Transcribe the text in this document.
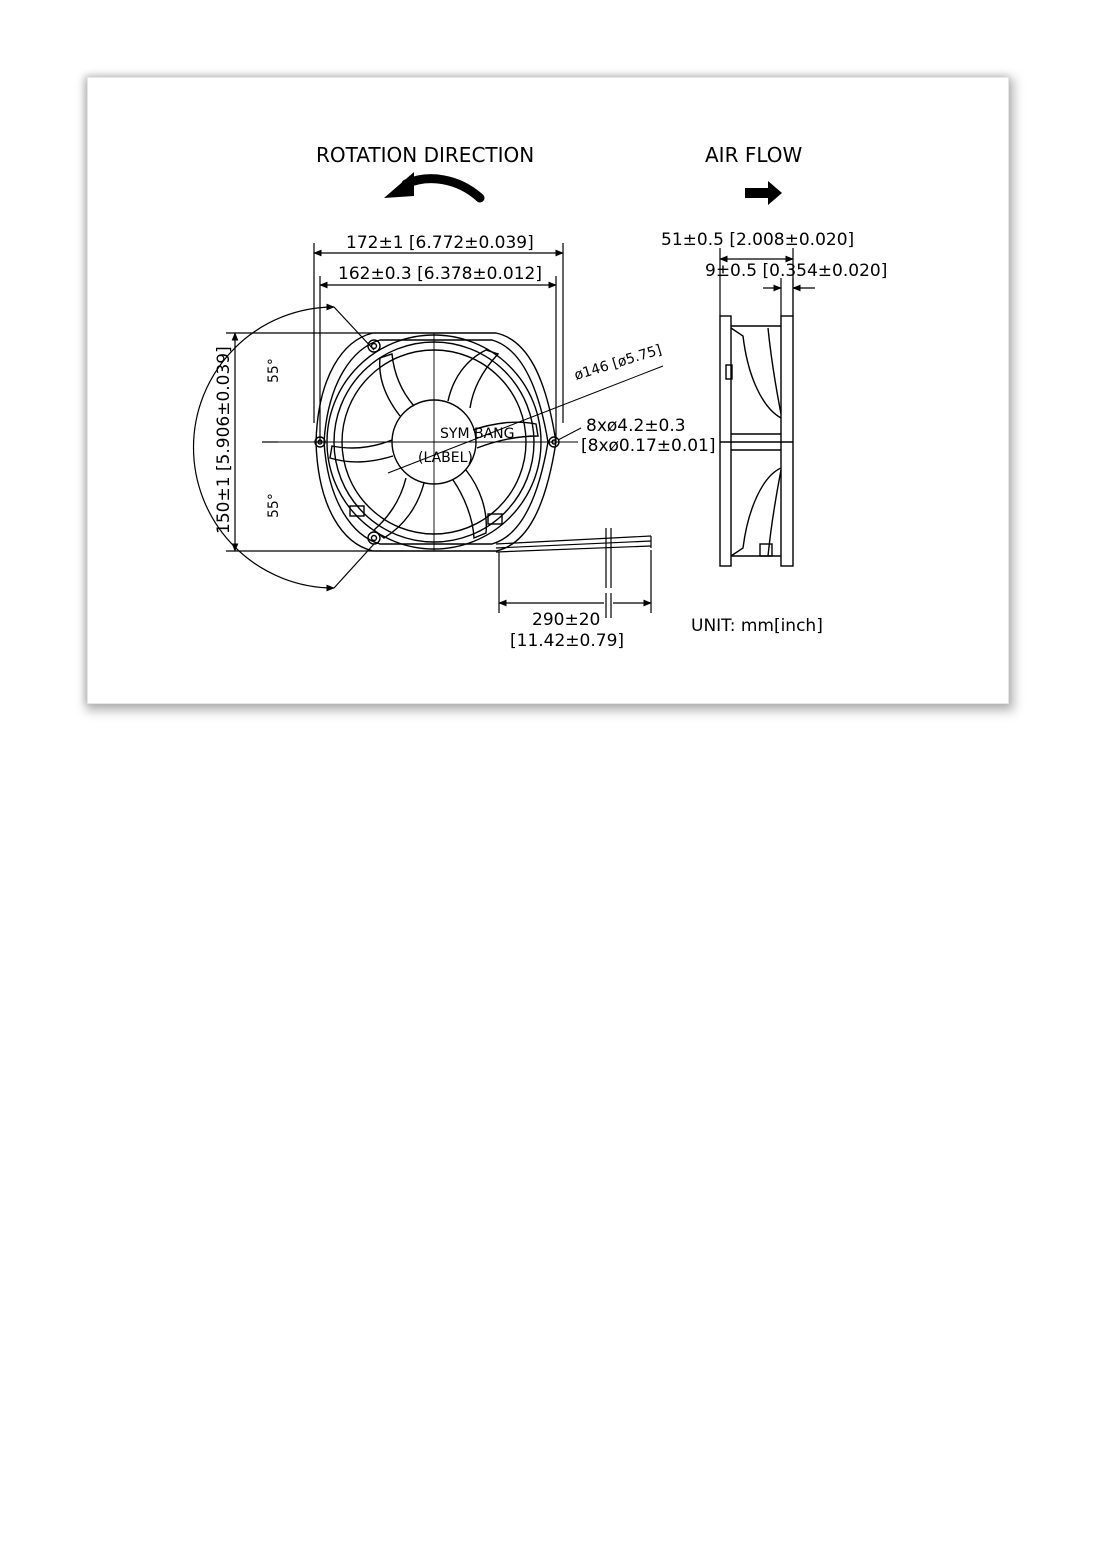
ROTATION DIRECTION	AIR FLOW
172±1 [6.772±0.039]
162±0.3 [6.378±0.012]
150±1 [5.906±0.039] 55°
55°
ø146 [ø5.75]
SYM BANG
(LABEL)
8xø4.2±0.3
[8xø0.17±0.01]
290±20
[11.42±0.79]
51±0.5 [2.008±0.020]
9±0.5 [0.354±0.020]
UNIT: mm[inch]
